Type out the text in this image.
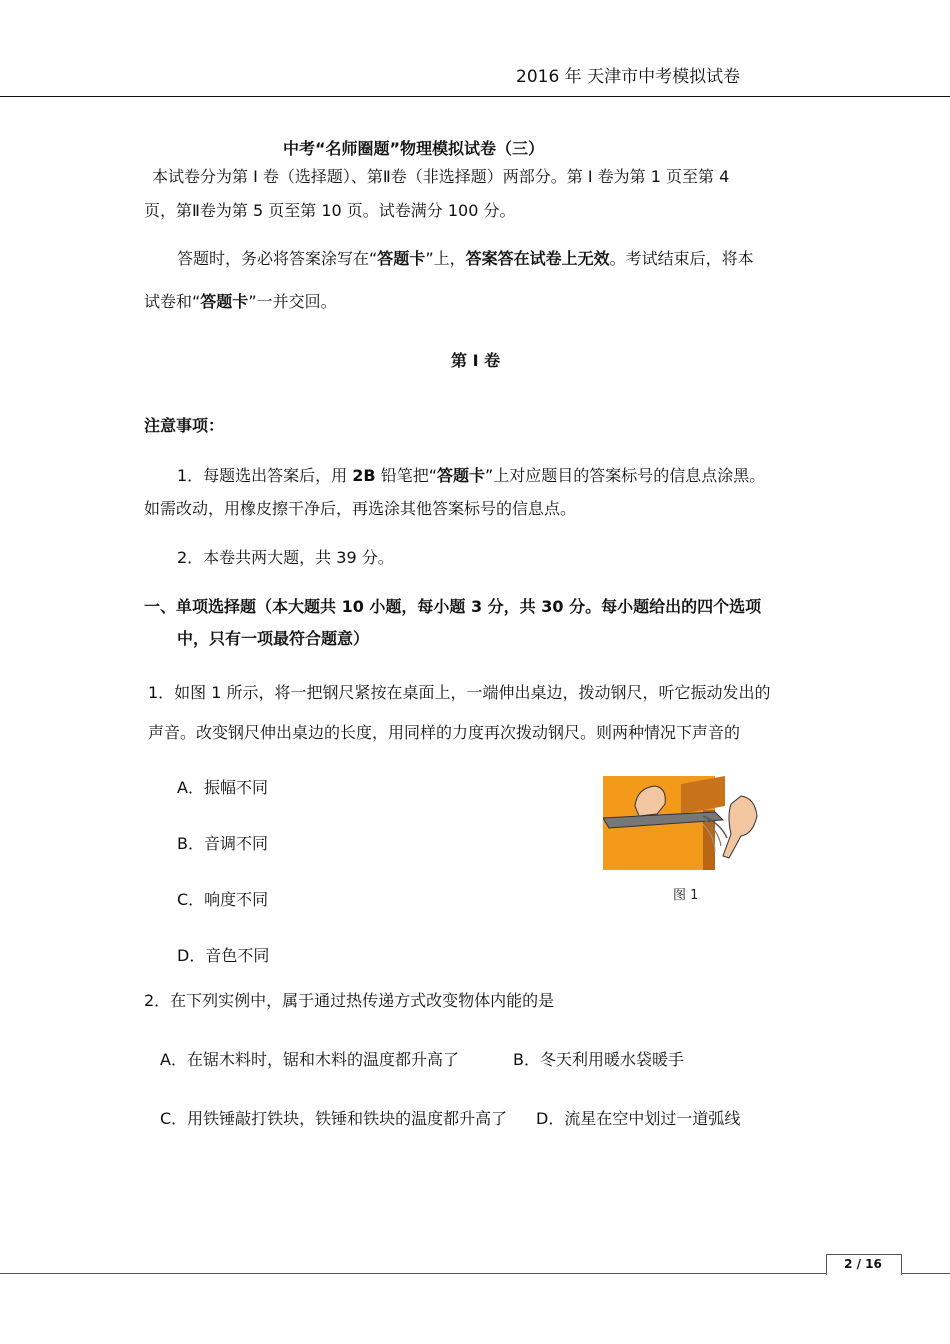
2016 年 天津市中考模拟试卷
中考“名师圈题”物理模拟试卷（三）
本试卷分为第 I 卷（选择题）、第Ⅱ卷（非选择题）两部分。第 I 卷为第 1 页至第 4
页，第Ⅱ卷为第 5 页至第 10 页。试卷满分 100 分。
答题时，务必将答案涂写在“答题卡”上，答案答在试卷上无效。考试结束后，将本
试卷和“答题卡”一并交回。
第 I 卷
注意事项：
1．每题选出答案后，用 2B 铅笔把“答题卡”上对应题目的答案标号的信息点涂黑。
如需改动，用橡皮擦干净后，再选涂其他答案标号的信息点。
2．本卷共两大题，共 39 分。
一、单项选择题（本大题共 10 小题，每小题 3 分，共 30 分。每小题给出的四个选项
中，只有一项最符合题意）
1．如图 1 所示，将一把钢尺紧按在桌面上，一端伸出桌边，拨动钢尺，听它振动发出的
声音。改变钢尺伸出桌边的长度，用同样的力度再次拨动钢尺。则两种情况下声音的
A．振幅不同
B．音调不同
C．响度不同
D．音色不同
图 1
2．在下列实例中，属于通过热传递方式改变物体内能的是
A．在锯木料时，锯和木料的温度都升高了	B．冬天利用暖水袋暖手
C．用铁锤敲打铁块，铁锤和铁块的温度都升高了 D．流星在空中划过一道弧线
2 / 16
